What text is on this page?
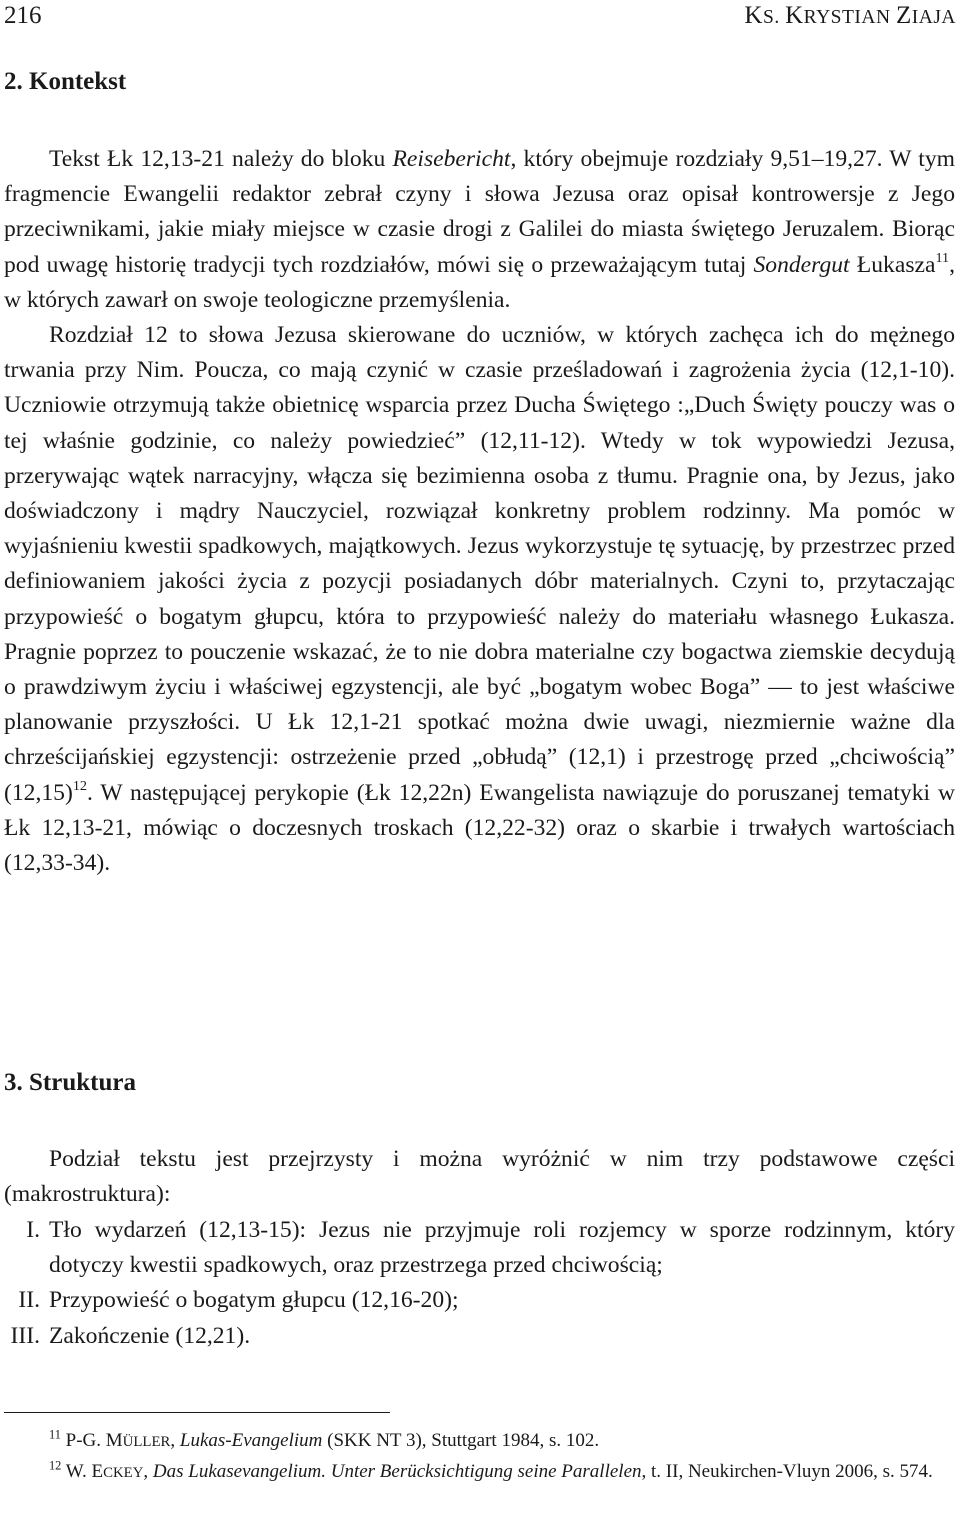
216	KS. KRYSTIAN ZIAJA
2. Kontekst

Tekst Łk 12,13-21 należy do bloku Reisebericht, który obejmuje rozdziały 9,51–19,27. W tym fragmencie Ewangelii redaktor zebrał czyny i słowa Jezusa oraz opisał kontrowersje z Jego przeciwnikami, jakie miały miejsce w czasie drogi z Galilei do miasta świętego Jeruzalem. Biorąc pod uwagę historię tradycji tych rozdziałów, mówi się o przeważającym tutaj Sondergut Łukasza$^{11}$, w których zawarł on swoje teologiczne przemyślenia.

Rozdział 12 to słowa Jezusa skierowane do uczniów, w których zachęca ich do mężnego trwania przy Nim. Poucza, co mają czynić w czasie prześladowań i zagrożenia życia (12,1-10). Uczniowie otrzymują także obietnicę wsparcia przez Ducha Świętego :„Duch Święty pouczy was o tej właśnie godzinie, co należy powiedzieć” (12,11-12). Wtedy w tok wypowiedzi Jezusa, przerywając wątek narracyjny, włącza się bezimienna osoba z tłumu. Pragnie ona, by Jezus, jako doświadczony i mądry Nauczyciel, rozwiązał konkretny problem rodzinny. Ma pomóc w wyjaśnieniu kwestii spadkowych, majątkowych. Jezus wykorzystuje tę sytuację, by przestrzec przed definiowaniem jakości życia z pozycji posiadanych dóbr materialnych. Czyni to, przytaczając przypowieść o bogatym głupcu, która to przypowieść należy do materiału własnego Łukasza. Pragnie poprzez to pouczenie wskazać, że to nie dobra materialne czy bogactwa ziemskie decydują o prawdziwym życiu i właściwej egzystencji, ale być „bogatym wobec Boga” — to jest właściwe planowanie przyszłości. U Łk 12,1-21 spotkać można dwie uwagi, niezmiernie ważne dla chrześcijańskiej egzystencji: ostrzeżenie przed „obłudą” (12,1) i przestrogę przed „chciwością” (12,15)$^{12}$. W następującej perykopie (Łk 12,22n) Ewangelista nawiązuje do poruszanej tematyki w Łk 12,13-21, mówiąc o doczesnych troskach (12,22-32) oraz o skarbie i trwałych wartościach (12,33-34).

3. Struktura

Podział tekstu jest przejrzysty i można wyróżnić w nim trzy podstawowe części (makrostruktura):

I. Tło wydarzeń (12,13-15): Jezus nie przyjmuje roli rozjemcy w sporze rodzinnym, który dotyczy kwestii spadkowych, oraz przestrzega przed chciwością;
II. Przypowieść o bogatym głupcu (12,16-20);
III. Zakończenie (12,21).

$^{11}$ P-G. MÜLLER, Lukas-Evangelium (SKK NT 3), Stuttgart 1984, s. 102.

$^{12}$ W. ECKEY, Das Lukasevangelium. Unter Berücksichtigung seine Parallelen, t. II, Neukirchen-Vluyn 2006, s. 574.
